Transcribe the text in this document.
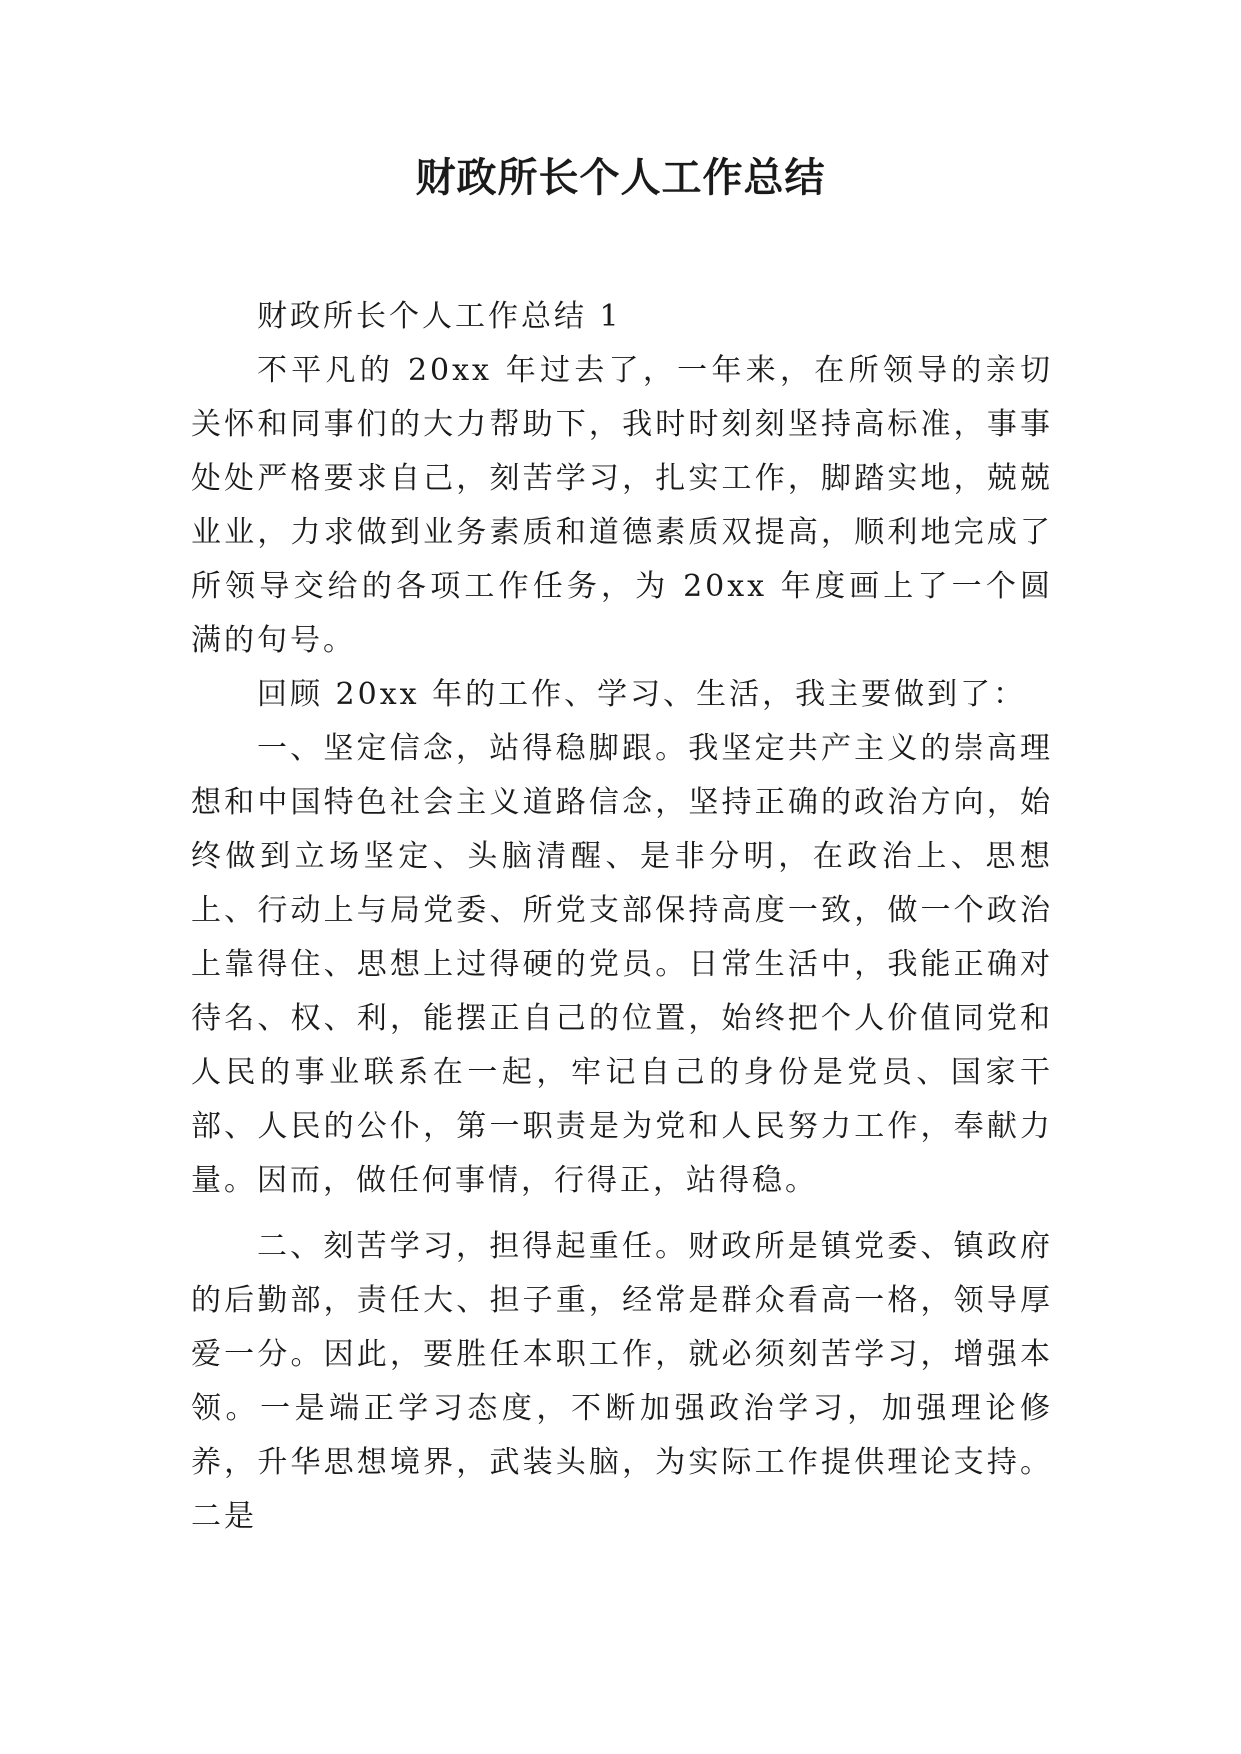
财政所长个人工作总结

财政所长个人工作总结 1

不平凡的 20xx 年过去了，一年来，在所领导的亲切关怀和同事们的大力帮助下，我时时刻刻坚持高标准，事事处处严格要求自己，刻苦学习，扎实工作，脚踏实地，兢兢业业，力求做到业务素质和道德素质双提高，顺利地完成了所领导交给的各项工作任务，为 20xx 年度画上了一个圆满的句号。

回顾 20xx 年的工作、学习、生活，我主要做到了：

一、坚定信念，站得稳脚跟。我坚定共产主义的崇高理想和中国特色社会主义道路信念，坚持正确的政治方向，始终做到立场坚定、头脑清醒、是非分明，在政治上、思想上、行动上与局党委、所党支部保持高度一致，做一个政治上靠得住、思想上过得硬的党员。日常生活中，我能正确对待名、权、利，能摆正自己的位置，始终把个人价值同党和人民的事业联系在一起，牢记自己的身份是党员、国家干部、人民的公仆，第一职责是为党和人民努力工作，奉献力量。因而，做任何事情，行得正，站得稳。

二、刻苦学习，担得起重任。财政所是镇党委、镇政府的后勤部，责任大、担子重，经常是群众看高一格，领导厚爱一分。因此，要胜任本职工作，就必须刻苦学习，增强本领。一是端正学习态度，不断加强政治学习，加强理论修养，升华思想境界，武装头脑，为实际工作提供理论支持。二是
